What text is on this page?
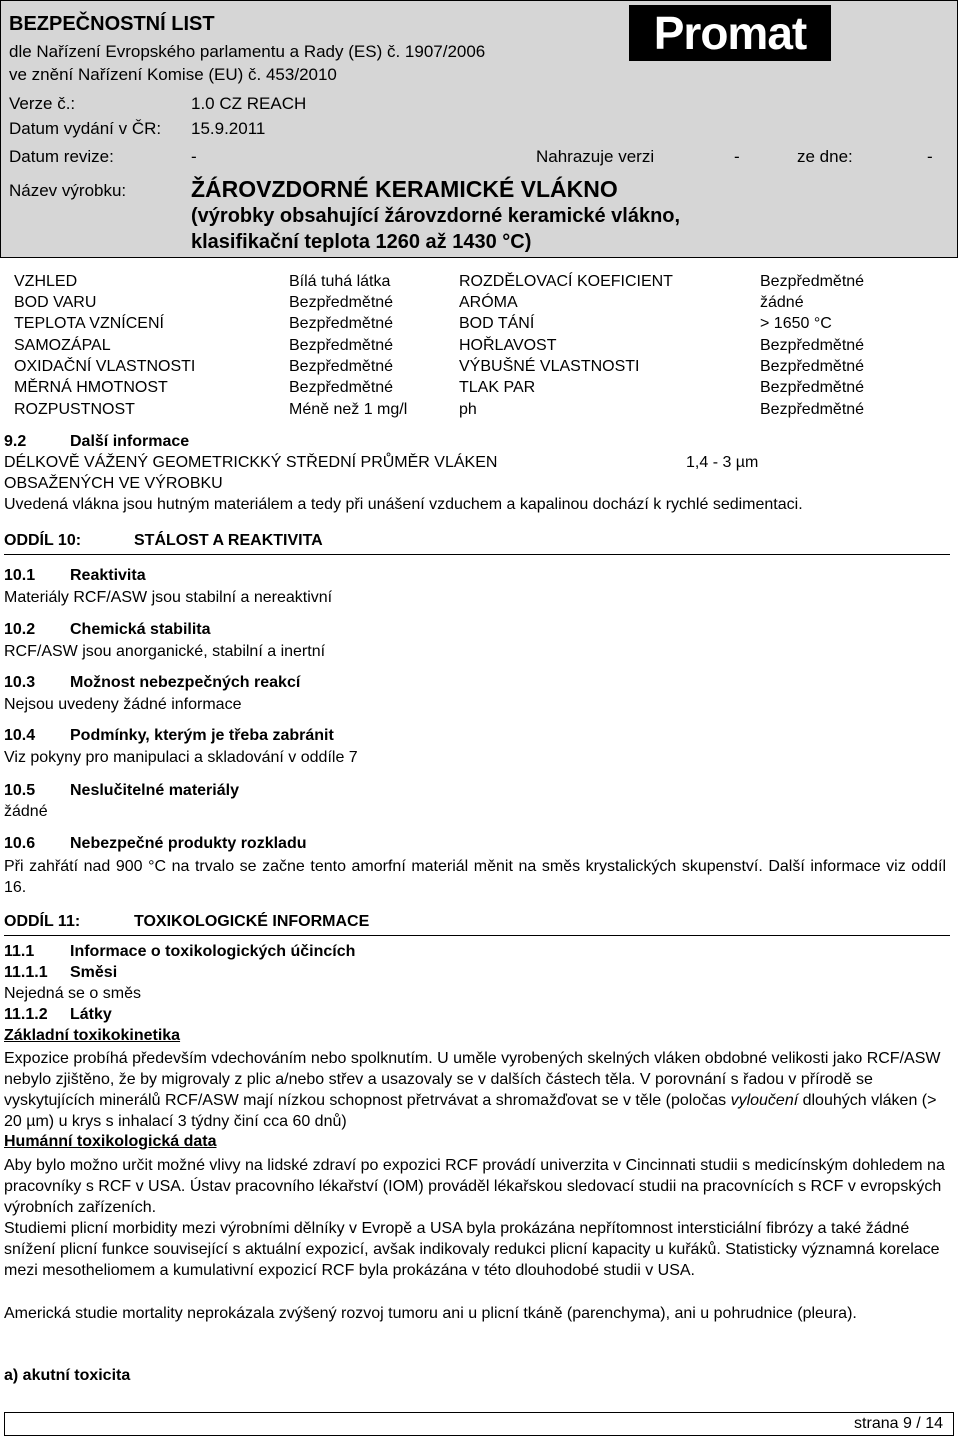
BEZPEČNOSTNÍ LIST
dle Nařízení Evropského parlamentu a Rady (ES) č. 1907/2006
ve znění Nařízení Komise (EU) č. 453/2010
Promat
Verze č.:	1.0 CZ REACH
Datum vydání v ČR: 15.9.2011
Datum revize:	-	Nahrazuje verzi	-	ze dne:	-
Název výrobku:	ŽÁROVZDORNÉ KERAMICKÉ VLÁKNO
(výrobky obsahující žárovzdorné keramické vlákno,
klasifikační teplota 1260 až 1430 °C)
VZHLED	Bílá tuhá látka	ROZDĚLOVACÍ KOEFICIENT	Bezpředmětné
BOD VARU	Bezpředmětné	ARÓMA	žádné
TEPLOTA VZNÍCENÍ	Bezpředmětné	BOD TÁNÍ	> 1650 °C
SAMOZÁPAL	Bezpředmětné	HOŘLAVOST	Bezpředmětné
OXIDAČNÍ VLASTNOSTI	Bezpředmětné	VÝBUŠNÉ VLASTNOSTI	Bezpředmětné
MĚRNÁ HMOTNOST	Bezpředmětné	TLAK PAR	Bezpředmětné
ROZPUSTNOST	Méně než 1 mg/l	ph	Bezpředmětné
9.2	Další informace
DÉLKOVĚ VÁŽENÝ GEOMETRICKKÝ STŘEDNÍ PRŮMĚR VLÁKEN	1,4 - 3 µm
OBSAŽENÝCH VE VÝROBKU
Uvedená vlákna jsou hutným materiálem a tedy při unášení vzduchem a kapalinou dochází k rychlé sedimentaci.
ODDÍL 10:	STÁLOST A REAKTIVITA
10.1 Reaktivita
Materiály RCF/ASW jsou stabilní a nereaktivní
10.2 Chemická stabilita
RCF/ASW jsou anorganické, stabilní a inertní
10.3 Možnost nebezpečných reakcí
Nejsou uvedeny žádné informace
10.4 Podmínky, kterým je třeba zabránit
Viz pokyny pro manipulaci a skladování v oddíle 7
10.5 Neslučitelné materiály
žádné
10.6 Nebezpečné produkty rozkladu
Při zahřátí nad 900 °C na trvalo se začne tento amorfní materiál měnit na směs krystalických skupenství. Další informace viz oddíl 16.
ODDÍL 11:	TOXIKOLOGICKÉ INFORMACE
11.1 Informace o toxikologických účincích
11.1.1 Směsi
Nejedná se o směs
11.1.2 Látky
Základní toxikokinetika
Expozice probíhá především vdechováním nebo spolknutím. U uměle vyrobených skelných vláken obdobné velikosti jako RCF/ASW nebylo zjištěno, že by migrovaly z plic a/nebo střev a usazovaly se v dalších částech těla. V porovnání s řadou v přírodě se vyskytujících minerálů RCF/ASW mají nízkou schopnost přetrvávat a shromažďovat se v těle (poločas vyloučení dlouhých vláken (> 20 µm) u krys s inhalací 3 týdny činí cca 60 dnů)
Humánní toxikologická data
Aby bylo možno určit možné vlivy na lidské zdraví po expozici RCF provádí univerzita v Cincinnati studii s medicínským dohledem na pracovníky s RCF v USA. Ústav pracovního lékařství (IOM) prováděl lékařskou sledovací studii na pracovnících s RCF v evropských výrobních zařízeních.
Studiemi plicní morbidity mezi výrobními dělníky v Evropě a USA byla prokázána nepřítomnost intersticiální fibrózy a také žádné snížení plicní funkce související s aktuální expozicí, avšak indikovaly redukci plicní kapacity u kuřáků. Statisticky významná korelace mezi mesotheliomem a kumulativní expozicí RCF byla prokázána v této dlouhodobé studii v USA.
Americká studie mortality neprokázala zvýšený rozvoj tumoru ani u plicní tkáně (parenchyma), ani u pohrudnice (pleura).
a) akutní toxicita
strana 9 / 14
